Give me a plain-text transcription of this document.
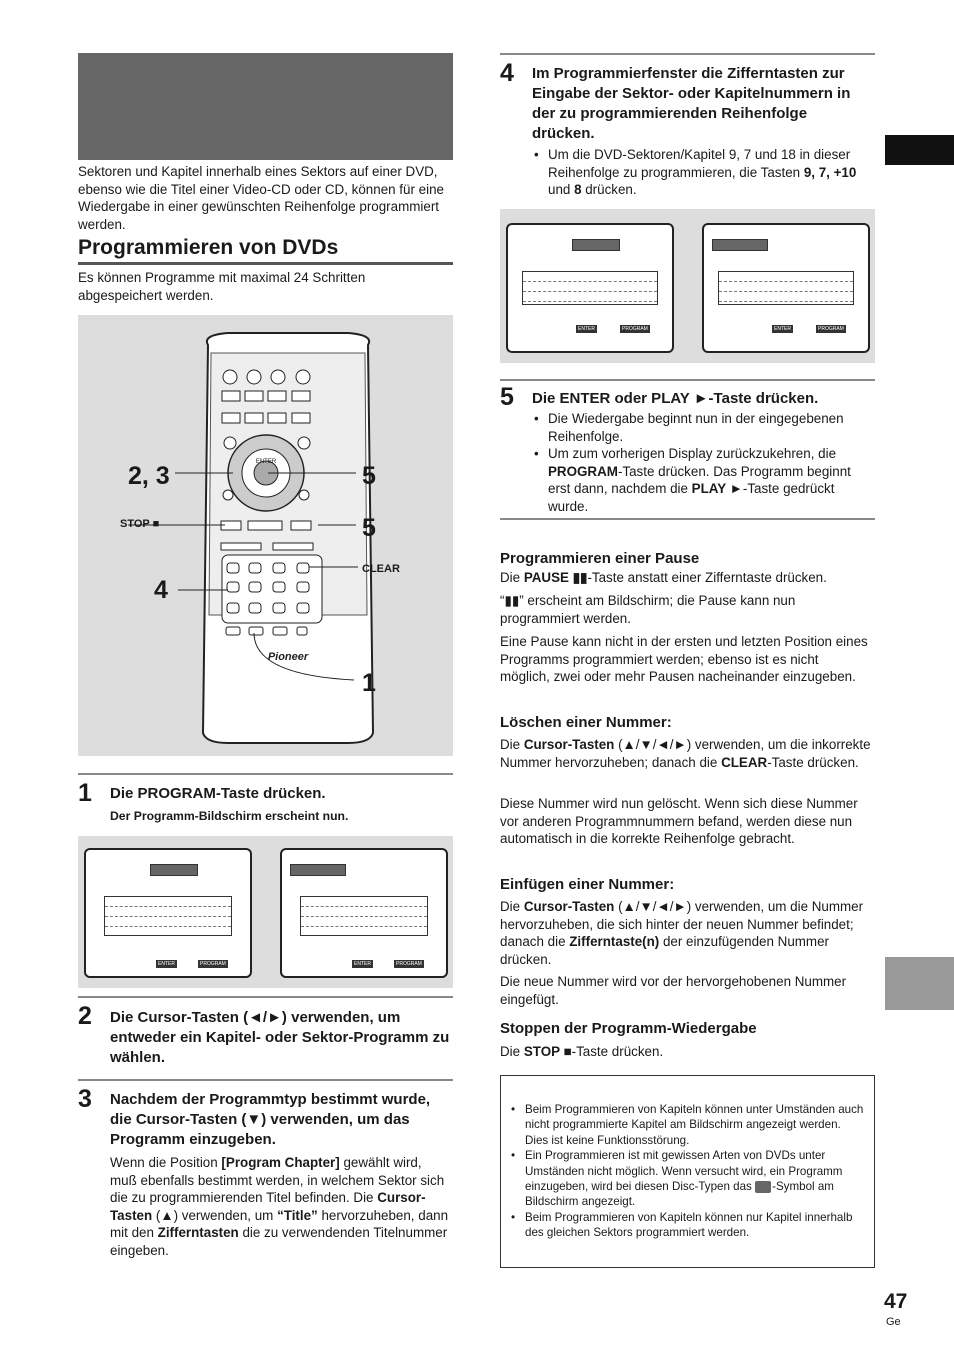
Sektoren und Kapitel innerhalb eines Sektors auf einer DVD, ebenso wie die Titel einer Video-CD oder CD, können für eine Wiedergabe in einer gewünschten Reihenfolge programmiert werden.

Programmieren von DVDs

Es können Programme mit maximal 24 Schritten abgespeichert werden.

Pioneer
ENTER
2, 3	5
5
4
1
STOP ■
CLEAR
1 Die PROGRAM-Taste drücken.

Der Programm-Bildschirm erscheint nun.

ENTER	PROGRAM	ENTER	PROGRAM
2 Die Cursor-Tasten (◄/►) verwenden, um entweder ein Kapitel- oder Sektor-Programm zu wählen.

3 Nachdem der Programmtyp bestimmt wurde, die Cursor-Tasten (▼) verwenden, um das Programm einzugeben.

Wenn die Position [Program Chapter] gewählt wird, muß ebenfalls bestimmt werden, in welchem Sektor sich die zu programmierenden Titel befinden. Die Cursor-Tasten (▲) verwenden, um “Title” hervorzuheben, dann mit den Zifferntasten die zu verwendenden Titelnummer eingeben.

4 Im Programmierfenster die Zifferntasten zur Eingabe der Sektor- oder Kapitelnummern in der zu programmierenden Reihenfolge drücken.

• Um die DVD-Sektoren/Kapitel 9, 7 und 18 in dieser Reihenfolge zu programmieren, die Tasten 9, 7, +10 und 8 drücken.
ENTER	PROGRAM	ENTER	PROGRAM
5 Die ENTER oder PLAY ►-Taste drücken.

• Die Wiedergabe beginnt nun in der eingegebenen Reihenfolge.
• Um zum vorherigen Display zurückzukehren, die PROGRAM-Taste drücken. Das Programm beginnt erst dann, nachdem die PLAY ►-Taste gedrückt wurde.

Programmieren einer Pause

Die PAUSE ▮▮-Taste anstatt einer Zifferntaste drücken.

“▮▮” erscheint am Bildschirm; die Pause kann nun programmiert werden.

Eine Pause kann nicht in der ersten und letzten Position eines Programms programmiert werden; ebenso ist es nicht möglich, zwei oder mehr Pausen nacheinander einzugeben.

Löschen einer Nummer:

Die Cursor-Tasten (▲/▼/◄/►) verwenden, um die inkorrekte Nummer hervorzuheben; danach die CLEAR-Taste drücken.

Diese Nummer wird nun gelöscht. Wenn sich diese Nummer vor anderen Programmnummern befand, werden diese nun automatisch in die korrekte Reihenfolge gebracht.

Einfügen einer Nummer:

Die Cursor-Tasten (▲/▼/◄/►) verwenden, um die Nummer hervorzuheben, die sich hinter der neuen Nummer befindet; danach die Zifferntaste(n) der einzufügenden Nummer drücken.

Die neue Nummer wird vor der hervorgehobenen Nummer eingefügt.

Stoppen der Programm-Wiedergabe

Die STOP ■-Taste drücken.

• Beim Programmieren von Kapiteln können unter Umständen auch nicht programmierte Kapitel am Bildschirm angezeigt werden. Dies ist keine Funktionsstörung.
• Ein Programmieren ist mit gewissen Arten von DVDs unter Umständen nicht möglich. Wenn versucht wird, ein Programm einzugeben, wird bei diesen Disc-Typen das -Symbol am Bildschirm angezeigt.
• Beim Programmieren von Kapiteln können nur Kapitel innerhalb des gleichen Sektors programmiert werden.
47
Ge
